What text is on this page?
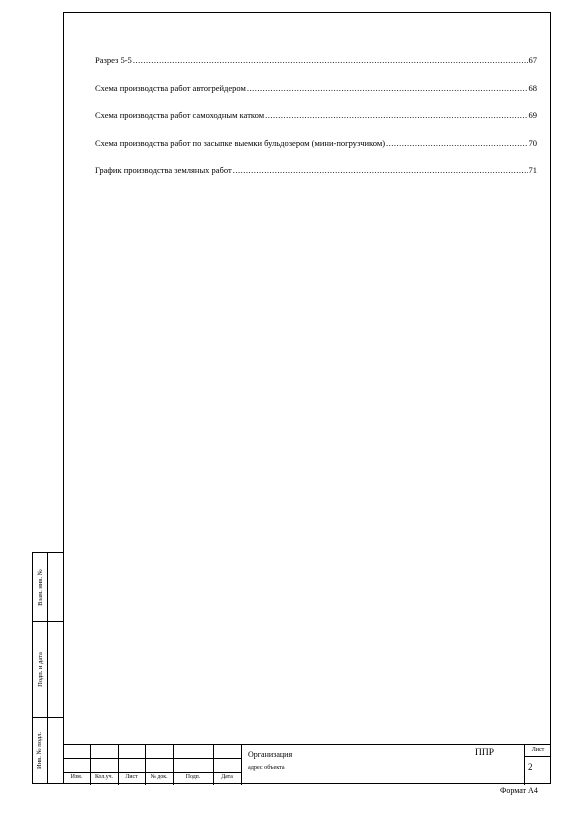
Разрез 5-5 .....	67
Схема производства работ автогрейдером .....	68
Схема производства работ самоходным катком .....	69
Схема производства работ по засыпке выемки бульдозером (мини-погрузчиком) .....	70
График производства земляных работ .....	71
Взам. инв. №
Подп. и дата
Инв. № подл.
Изм.	Кол.уч.	Лист	№ док.	Подп.	Дата
Организация
адрес объекта
ППР	Лист
2
Формат А4
